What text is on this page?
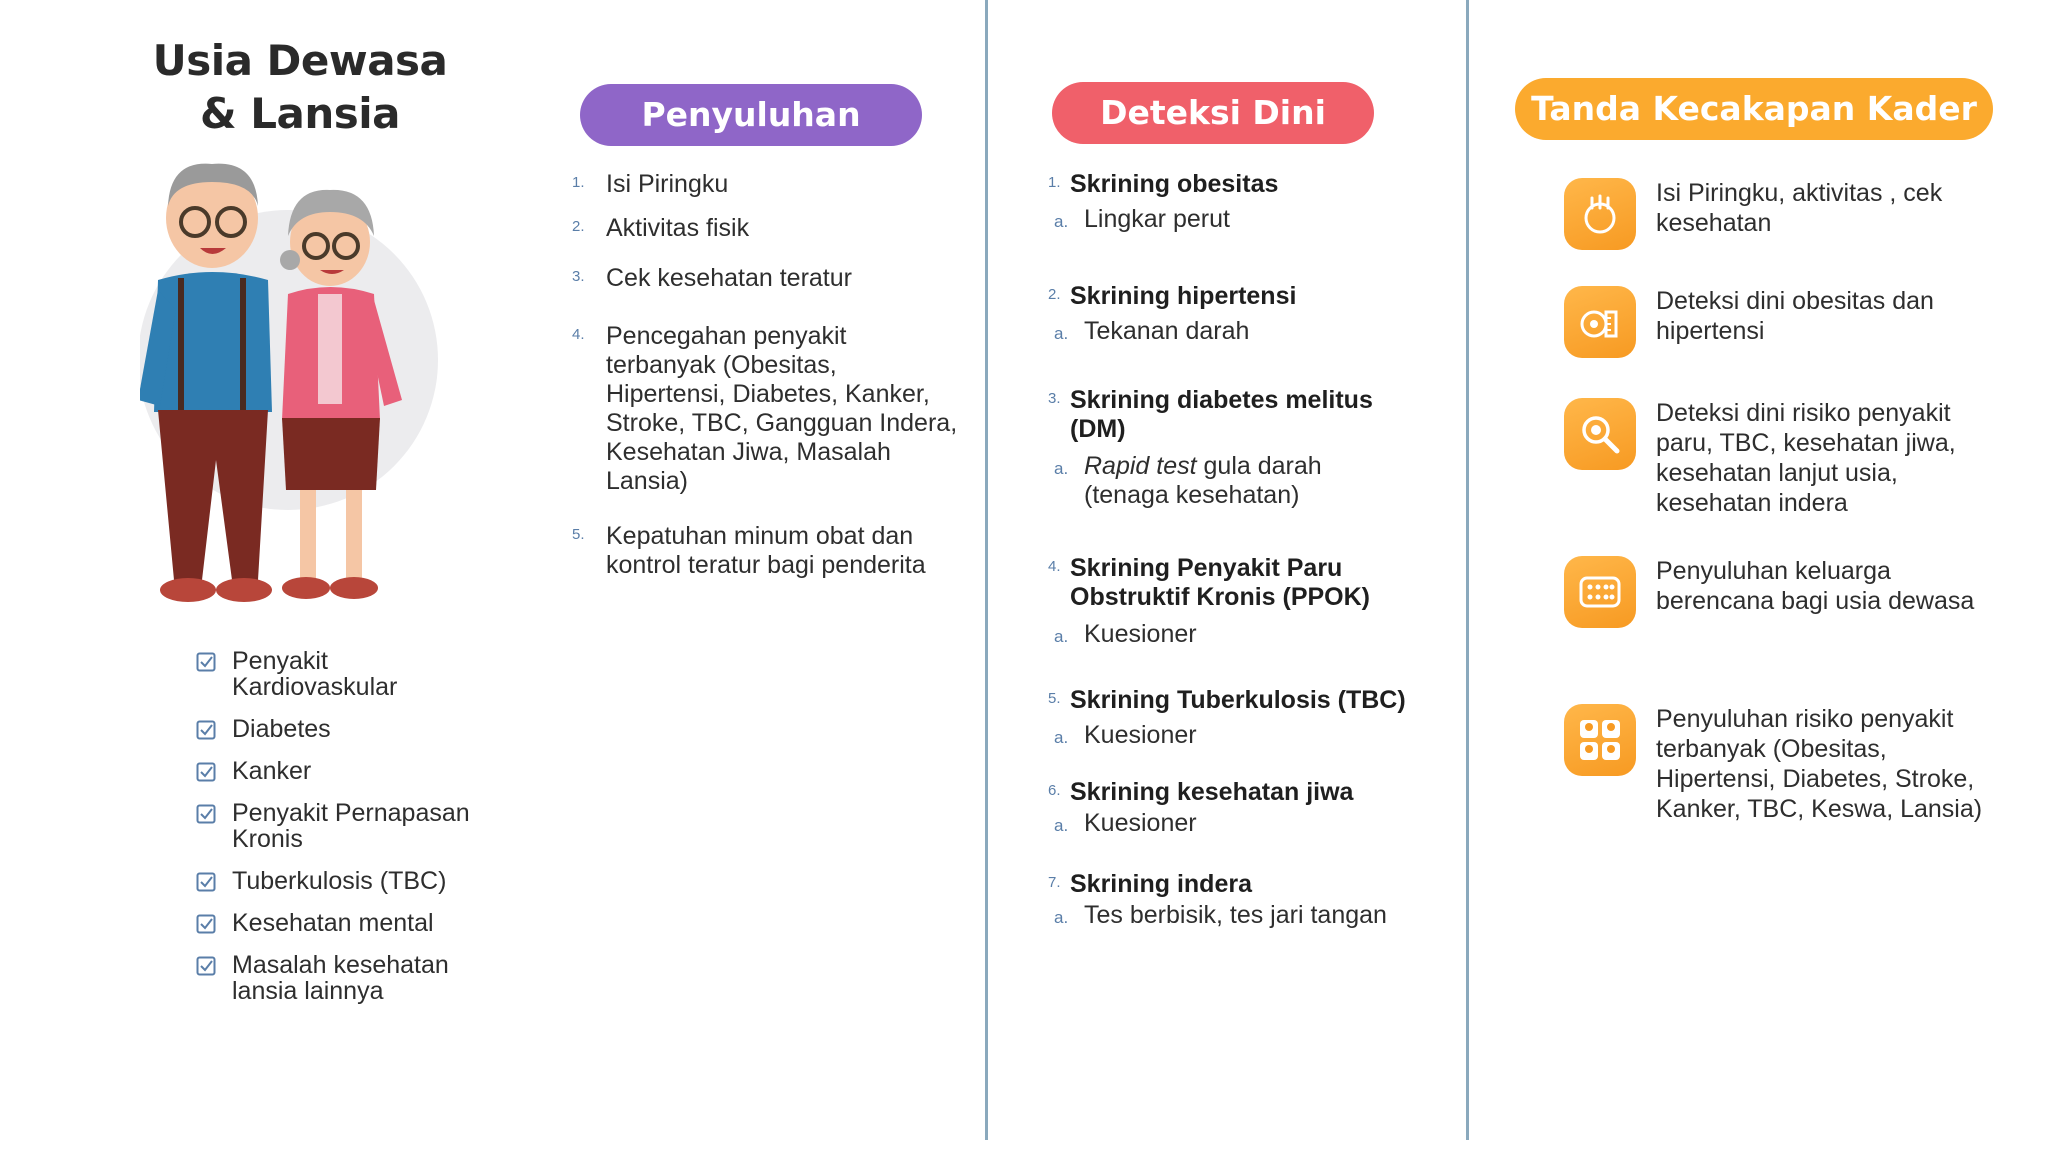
Usia Dewasa & Lansia
Penyakit Kardiovaskular
Diabetes
Kanker
Penyakit Pernapasan Kronis
Tuberkulosis (TBC)
Kesehatan mental
Masalah kesehatan lansia lainnya
Penyuluhan
1. Isi Piringku
2. Aktivitas fisik
3. Cek kesehatan teratur
4. Pencegahan penyakit terbanyak (Obesitas, Hipertensi, Diabetes, Kanker, Stroke, TBC, Gangguan Indera, Kesehatan Jiwa, Masalah Lansia)
5. Kepatuhan minum obat dan kontrol teratur bagi penderita
Deteksi Dini
1. Skrining obesitas
a. Lingkar perut
2. Skrining hipertensi
a. Tekanan darah
3. Skrining diabetes melitus (DM)
a. Rapid test gula darah (tenaga kesehatan)
4. Skrining Penyakit Paru Obstruktif Kronis (PPOK)
a. Kuesioner
5. Skrining Tuberkulosis (TBC)
a. Kuesioner
6. Skrining kesehatan jiwa
a. Kuesioner
7. Skrining indera
a. Tes berbisik, tes jari tangan
Tanda Kecakapan Kader
Isi Piringku, aktivitas , cek kesehatan
Deteksi dini obesitas dan hipertensi
Deteksi dini risiko penyakit paru, TBC, kesehatan jiwa, kesehatan lanjut usia, kesehatan indera
Penyuluhan keluarga berencana bagi usia dewasa
Penyuluhan risiko penyakit terbanyak (Obesitas, Hipertensi, Diabetes, Stroke, Kanker, TBC, Keswa, Lansia)
